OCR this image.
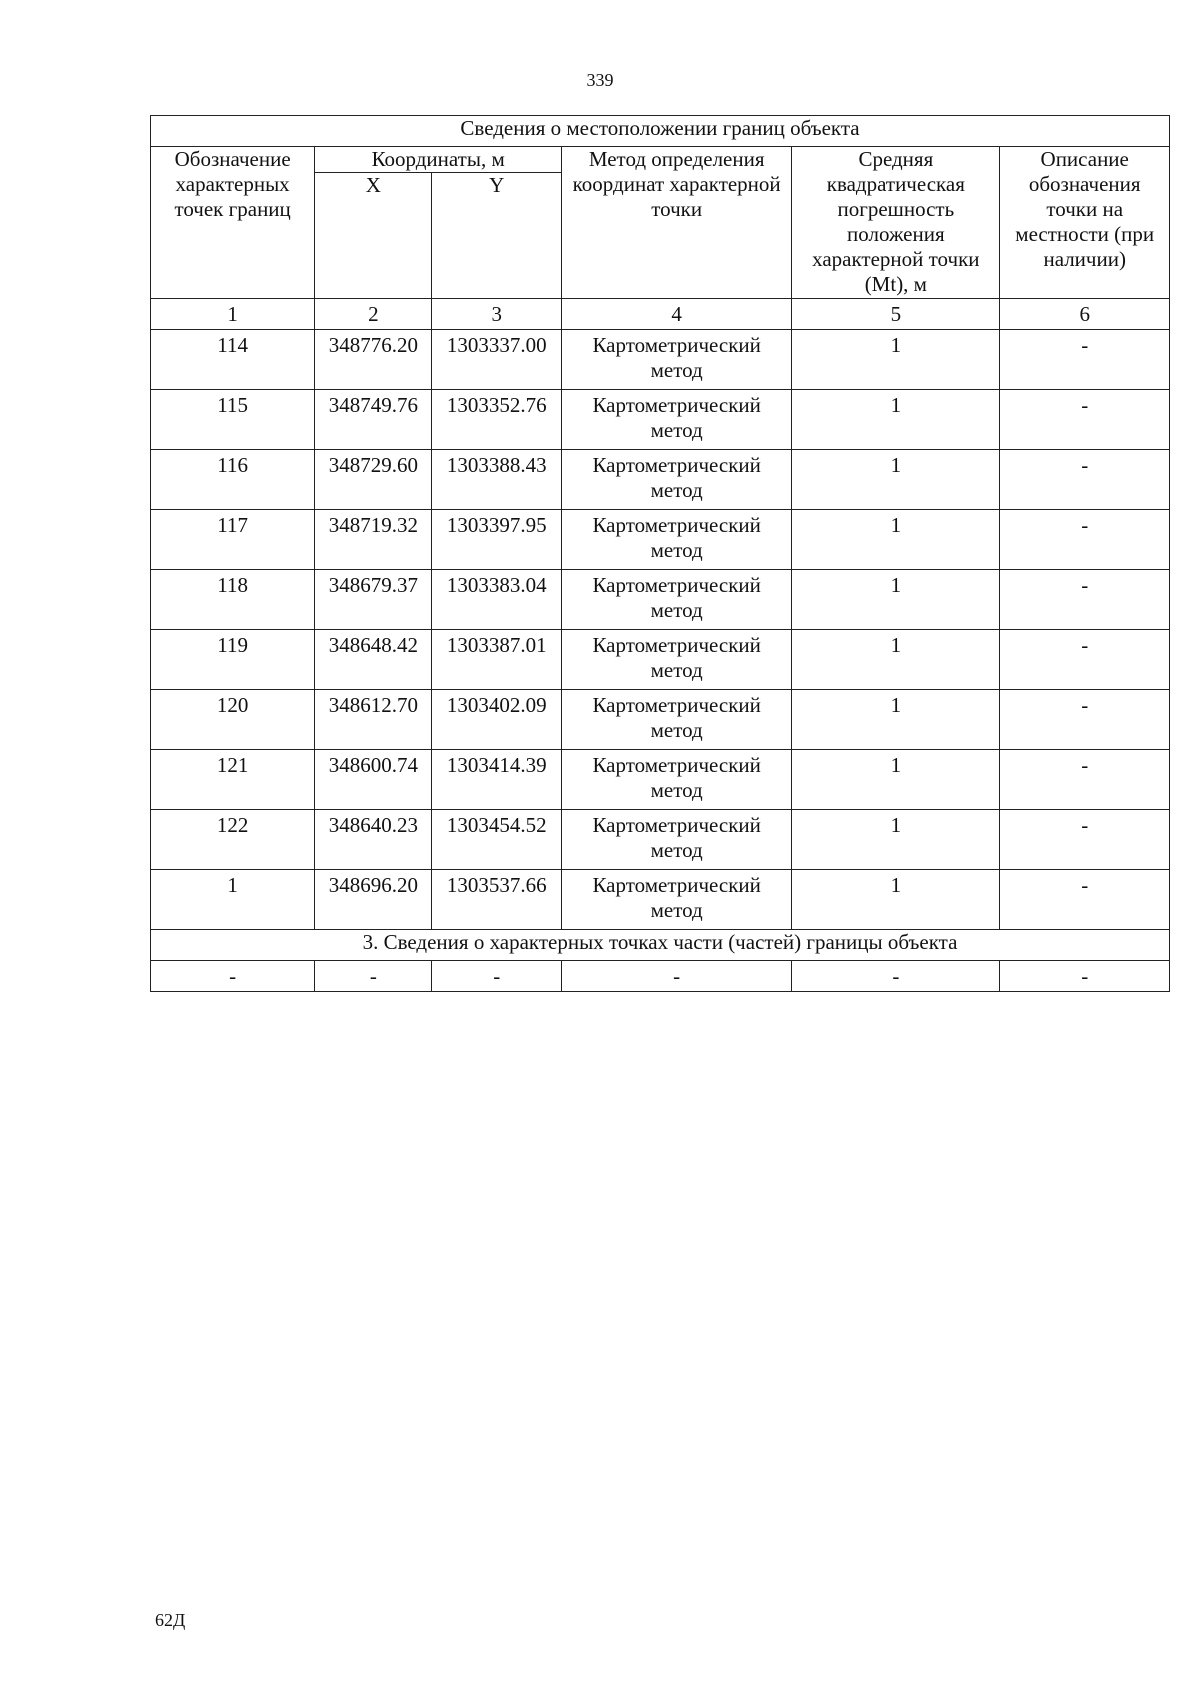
339
Сведения о местоположении границ объекта					
Обозначение характерных точек границ	Координаты, м		Метод определения координат характерной точки	Средняя квадратическая погрешность положения характерной точки (Mt), м	Описание обозначения точки на местности (при наличии)
	X	Y			
1	2	3	4	5	6
114	348776.20	1303337.00	Картометрический метод	1	-
115	348749.76	1303352.76	Картометрический метод	1	-
116	348729.60	1303388.43	Картометрический метод	1	-
117	348719.32	1303397.95	Картометрический метод	1	-
118	348679.37	1303383.04	Картометрический метод	1	-
119	348648.42	1303387.01	Картометрический метод	1	-
120	348612.70	1303402.09	Картометрический метод	1	-
121	348600.74	1303414.39	Картометрический метод	1	-
122	348640.23	1303454.52	Картометрический метод	1	-
1	348696.20	1303537.66	Картометрический метод	1	-
3. Сведения о характерных точках части (частей) границы объекта					
-	-	-	-	-	-
62Д
